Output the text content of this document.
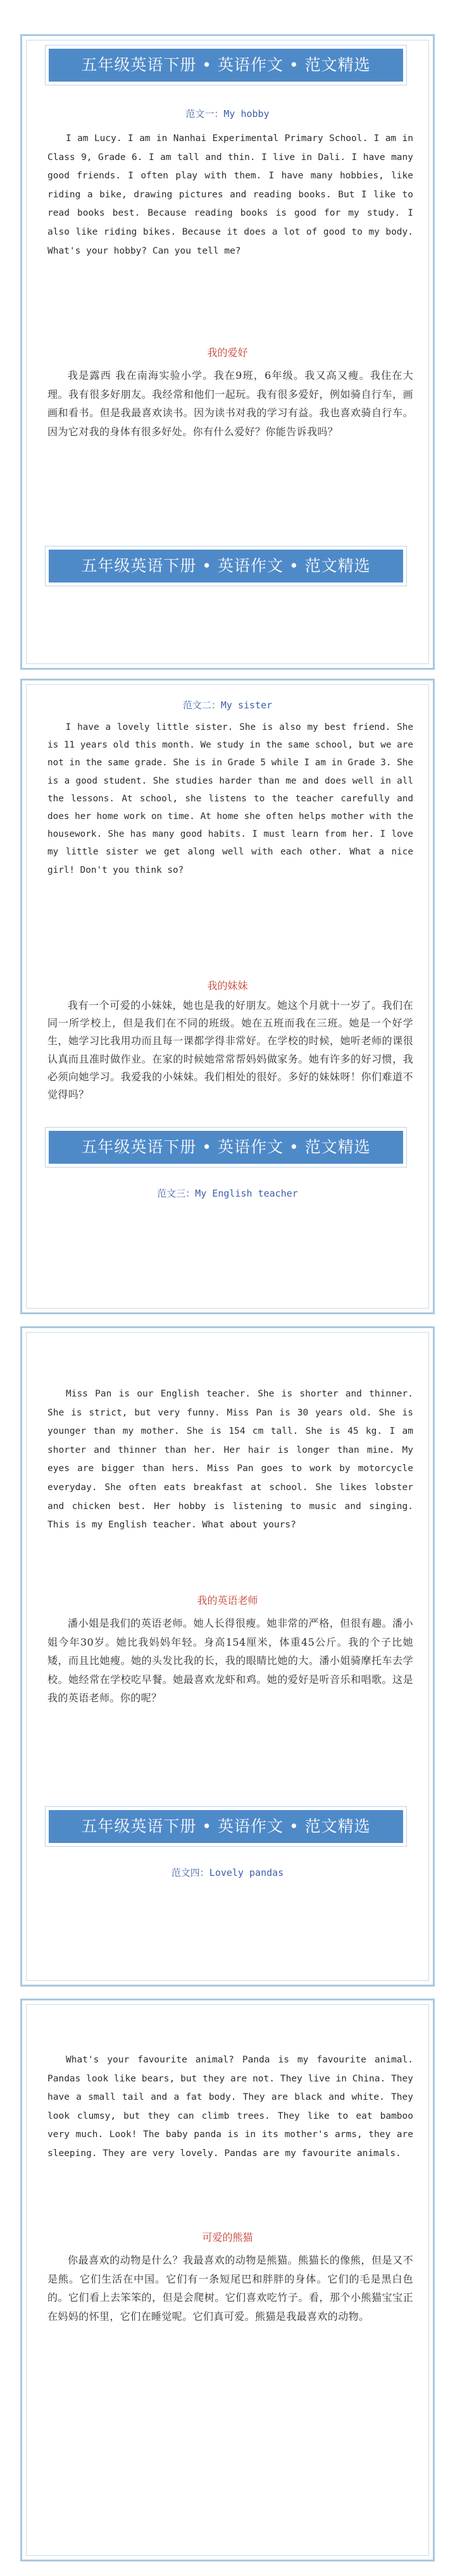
五年级英语下册 • 英语作文 • 范文精选
范文一：My hobby
I am Lucy. I am in Nanhai Experimental Primary School. I am in Class 9, Grade 6. I am tall and thin. I live in Dali. I have many good friends. I often play with them. I have many hobbies, like riding a bike, drawing pictures and reading books. But I like to read books best. Because reading books is good for my study. I also like riding bikes. Because it does a lot of good to my body. What's your hobby? Can you tell me?
我的爱好
我是露西 我在南海实验小学。我在9班，6年级。我又高又瘦。我住在大理。我有很多好朋友。我经常和他们一起玩。我有很多爱好，例如骑自行车，画画和看书。但是我最喜欢读书。因为读书对我的学习有益。我也喜欢骑自行车。因为它对我的身体有很多好处。你有什么爱好？你能告诉我吗？
五年级英语下册 • 英语作文 • 范文精选
范文二：My sister
I have a lovely little sister. She is also my best friend. She is 11 years old this month. We study in the same school, but we are not in the same grade. She is in Grade 5 while I am in Grade 3. She is a good student. She studies harder than me and does well in all the lessons. At school, she listens to the teacher carefully and does her home work on time. At home she often helps mother with the housework. She has many good habits. I must learn from her. I love my little sister we get along well with each other. What a nice girl! Don't you think so?
我的妹妹
我有一个可爱的小妹妹，她也是我的好朋友。她这个月就十一岁了。我们在同一所学校上，但是我们在不同的班级。她在五班而我在三班。她是一个好学生，她学习比我用功而且每一课都学得非常好。在学校的时候，她听老师的课很认真而且准时做作业。在家的时候她常常帮妈妈做家务。她有许多的好习惯，我必须向她学习。我爱我的小妹妹。我们相处的很好。多好的妹妹呀！你们难道不觉得吗？
五年级英语下册 • 英语作文 • 范文精选
范文三：My English teacher
Miss Pan is our English teacher. She is shorter and thinner. She is strict, but very funny. Miss Pan is 30 years old. She is younger than my mother. She is 154 cm tall. She is 45 kg. I am shorter and thinner than her. Her hair is longer than mine. My eyes are bigger than hers. Miss Pan goes to work by motorcycle everyday. She often eats breakfast at school. She likes lobster and chicken best. Her hobby is listening to music and singing. This is my English teacher. What about yours?
我的英语老师
潘小姐是我们的英语老师。她人长得很瘦。她非常的严格，但很有趣。潘小姐今年30岁。她比我妈妈年轻。身高154厘米，体重45公斤。我的个子比她矮，而且比她瘦。她的头发比我的长，我的眼睛比她的大。潘小姐骑摩托车去学校。她经常在学校吃早餐。她最喜欢龙虾和鸡。她的爱好是听音乐和唱歌。这是我的英语老师。你的呢？
五年级英语下册 • 英语作文 • 范文精选
范文四：Lovely pandas
What's your favourite animal? Panda is my favourite animal. Pandas look like bears, but they are not. They live in China. They have a small tail and a fat body. They are black and white. They look clumsy, but they can climb trees. They like to eat bamboo very much. Look! The baby panda is in its mother's arms, they are sleeping. They are very lovely. Pandas are my favourite animals.
可爱的熊猫
你最喜欢的动物是什么？我最喜欢的动物是熊猫。熊猫长的像熊，但是又不是熊。它们生活在中国。它们有一条短尾巴和胖胖的身体。它们的毛是黑白色的。它们看上去笨笨的，但是会爬树。它们喜欢吃竹子。看，那个小熊猫宝宝正在妈妈的怀里，它们在睡觉呢。它们真可爱。熊猫是我最喜欢的动物。
